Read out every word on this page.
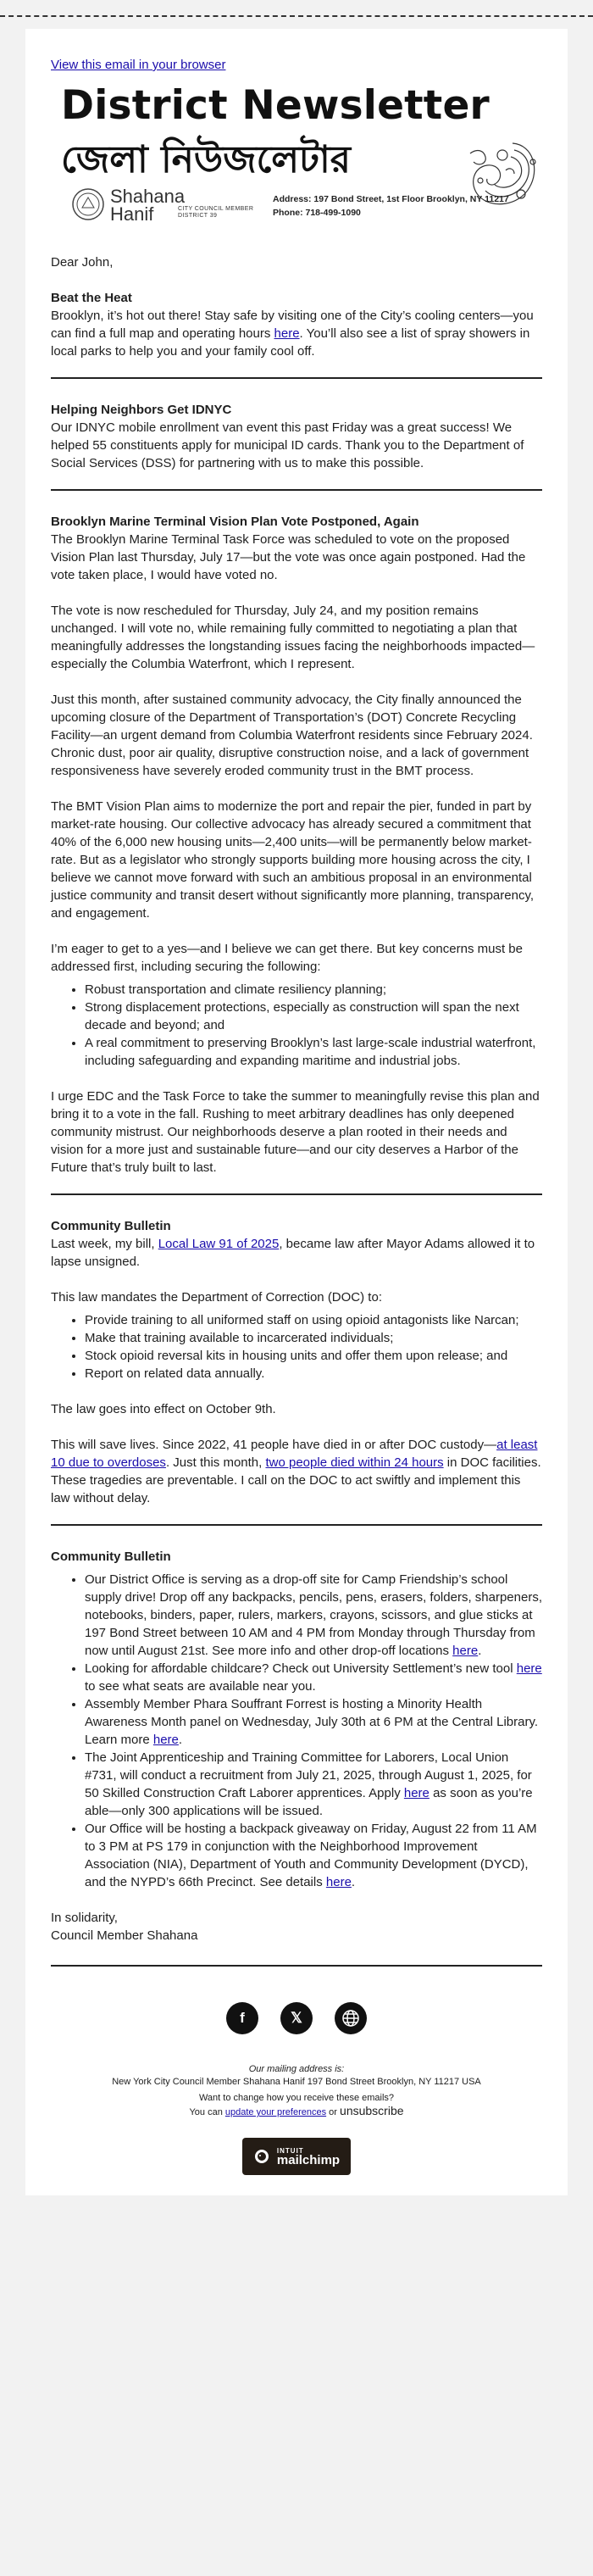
View this email in your browser
District Newsletter
জেলা নিউজলেটার
Shahana
Hanif	CITY COUNCIL MEMBER
DISTRICT 39
Address: 197 Bond Street, 1st Floor Brooklyn, NY 11217
Phone: 718-499-1090

Dear John,

Beat the Heat

Brooklyn, it’s hot out there! Stay safe by visiting one of the City’s cooling centers—you can find a full map and operating hours here. You’ll also see a list of spray showers in local parks to help you and your family cool off.

Helping Neighbors Get IDNYC

Our IDNYC mobile enrollment van event this past Friday was a great success! We helped 55 constituents apply for municipal ID cards. Thank you to the Department of Social Services (DSS) for partnering with us to make this possible.

Brooklyn Marine Terminal Vision Plan Vote Postponed, Again

The Brooklyn Marine Terminal Task Force was scheduled to vote on the proposed Vision Plan last Thursday, July 17—but the vote was once again postponed. Had the vote taken place, I would have voted no.

The vote is now rescheduled for Thursday, July 24, and my position remains unchanged. I will vote no, while remaining fully committed to negotiating a plan that meaningfully addresses the longstanding issues facing the neighborhoods impacted—especially the Columbia Waterfront, which I represent.

Just this month, after sustained community advocacy, the City finally announced the upcoming closure of the Department of Transportation’s (DOT) Concrete Recycling Facility—an urgent demand from Columbia Waterfront residents since February 2024. Chronic dust, poor air quality, disruptive construction noise, and a lack of government responsiveness have severely eroded community trust in the BMT process.

The BMT Vision Plan aims to modernize the port and repair the pier, funded in part by market-rate housing. Our collective advocacy has already secured a commitment that 40% of the 6,000 new housing units—2,400 units—will be permanently below market-rate. But as a legislator who strongly supports building more housing across the city, I believe we cannot move forward with such an ambitious proposal in an environmental justice community and transit desert without significantly more planning, transparency, and engagement.

I’m eager to get to a yes—and I believe we can get there. But key concerns must be addressed first, including securing the following:

• Robust transportation and climate resiliency planning;
• Strong displacement protections, especially as construction will span the next decade and beyond; and
• A real commitment to preserving Brooklyn’s last large-scale industrial waterfront, including safeguarding and expanding maritime and industrial jobs.

I urge EDC and the Task Force to take the summer to meaningfully revise this plan and bring it to a vote in the fall. Rushing to meet arbitrary deadlines has only deepened community mistrust. Our neighborhoods deserve a plan rooted in their needs and vision for a more just and sustainable future—and our city deserves a Harbor of the Future that’s truly built to last.

Community Bulletin

Last week, my bill, Local Law 91 of 2025, became law after Mayor Adams allowed it to lapse unsigned.

This law mandates the Department of Correction (DOC) to:

• Provide training to all uniformed staff on using opioid antagonists like Narcan;
• Make that training available to incarcerated individuals;
• Stock opioid reversal kits in housing units and offer them upon release; and
• Report on related data annually.

The law goes into effect on October 9th.

This will save lives. Since 2022, 41 people have died in or after DOC custody—at least 10 due to overdoses. Just this month, two people died within 24 hours in DOC facilities. These tragedies are preventable. I call on the DOC to act swiftly and implement this law without delay.

Community Bulletin
• Our District Office is serving as a drop-off site for Camp Friendship’s school supply drive! Drop off any backpacks, pencils, pens, erasers, folders, sharpeners, notebooks, binders, paper, rulers, markers, crayons, scissors, and glue sticks at 197 Bond Street between 10 AM and 4 PM from Monday through Thursday from now until August 21st. See more info and other drop-off locations here.
• Looking for affordable childcare? Check out University Settlement’s new tool here to see what seats are available near you.
• Assembly Member Phara Souffrant Forrest is hosting a Minority Health Awareness Month panel on Wednesday, July 30th at 6 PM at the Central Library. Learn more here.
• The Joint Apprenticeship and Training Committee for Laborers, Local Union #731, will conduct a recruitment from July 21, 2025, through August 1, 2025, for 50 Skilled Construction Craft Laborer apprentices. Apply here as soon as you’re able—only 300 applications will be issued.
• Our Office will be hosting a backpack giveaway on Friday, August 22 from 11 AM to 3 PM at PS 179 in conjunction with the Neighborhood Improvement Association (NIA), Department of Youth and Community Development (DYCD), and the NYPD’s 66th Precinct. See details here.

In solidarity,
Council Member Shahana

f	𝕏
Our mailing address is:
New York City Council Member Shahana Hanif 197 Bond Street Brooklyn, NY 11217 USA
Want to change how you receive these emails?
You can update your preferences or unsubscribe
INTUIT
mailchimp
